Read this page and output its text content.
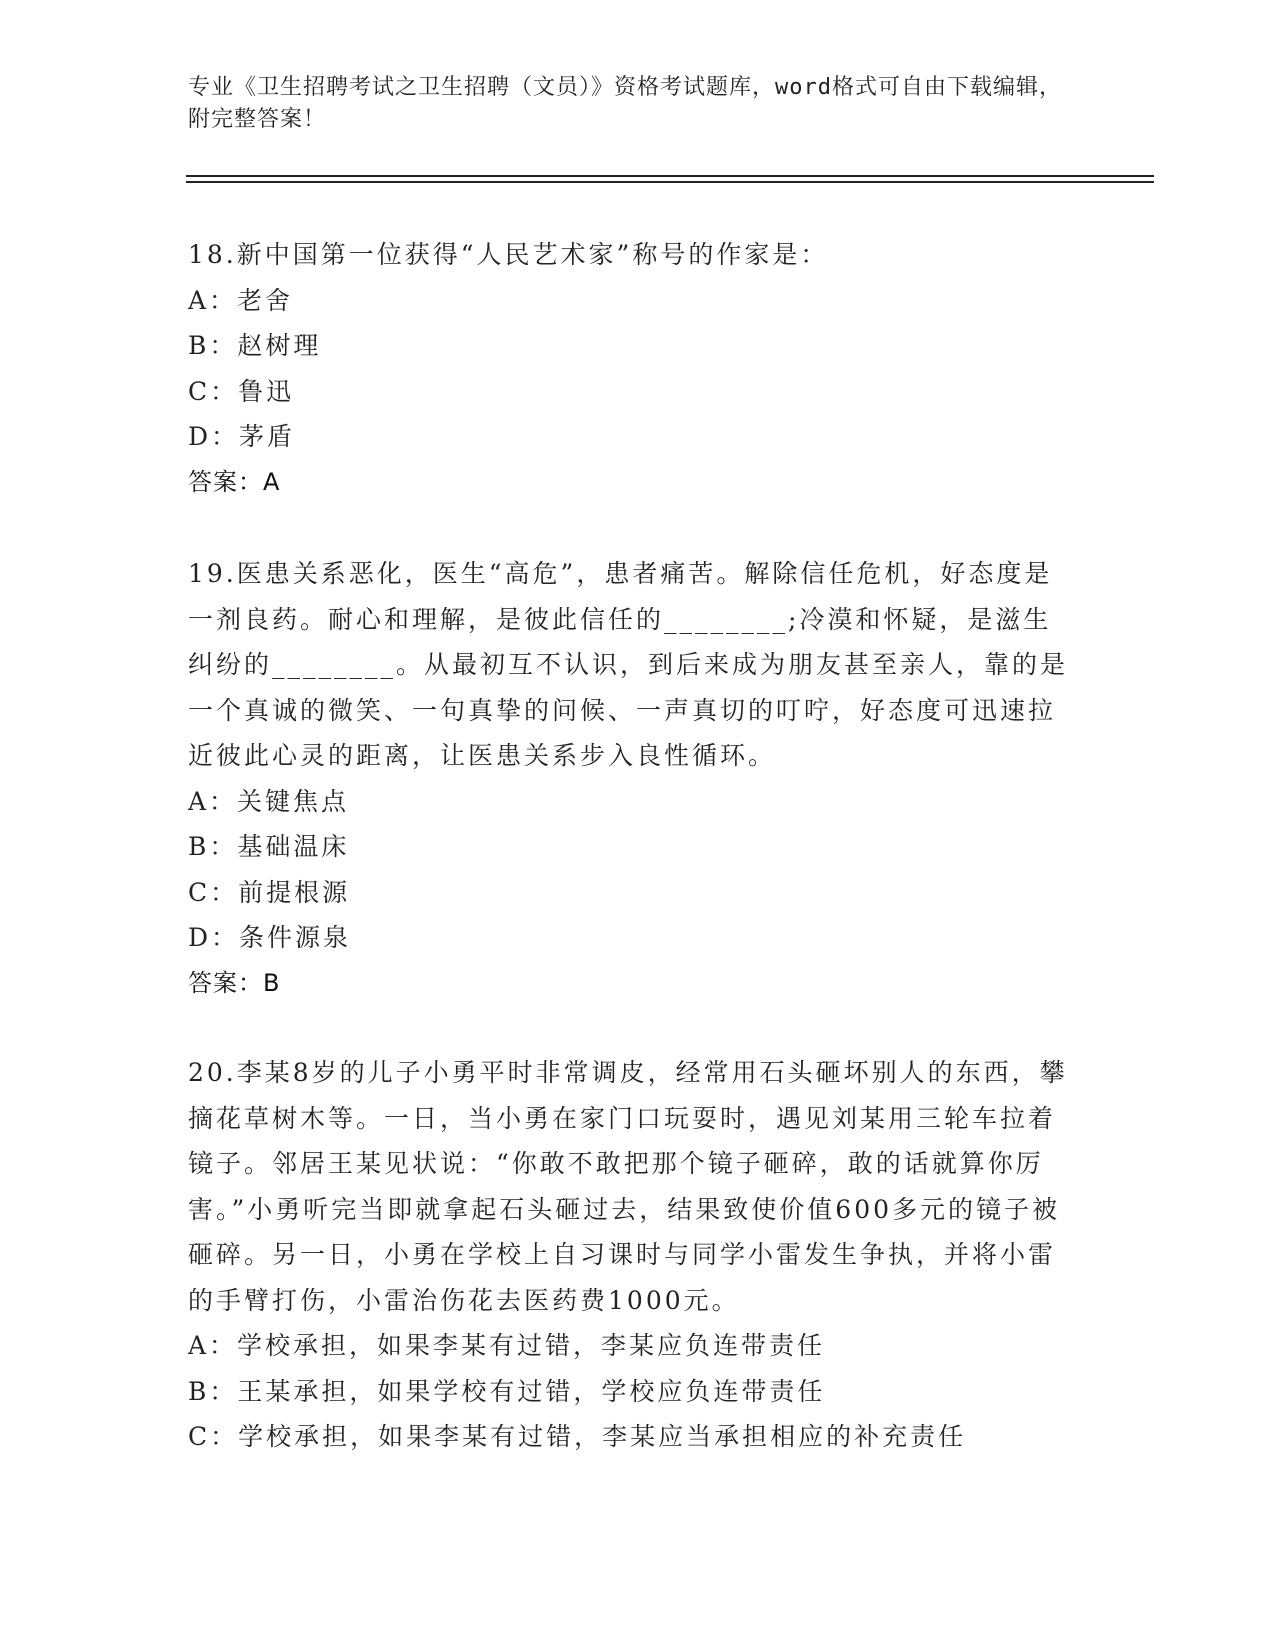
专业《卫生招聘考试之卫生招聘（文员）》资格考试题库，word格式可自由下载编辑，附完整答案！
18.新中国第一位获得“人民艺术家”称号的作家是：
A：老舍
B：赵树理
C：鲁迅
D：茅盾
答案：A
19.医患关系恶化，医生“高危”，患者痛苦。解除信任危机，好态度是一剂良药。耐心和理解，是彼此信任的________;冷漠和怀疑，是滋生纠纷的________。从最初互不认识，到后来成为朋友甚至亲人，靠的是一个真诚的微笑、一句真挚的问候、一声真切的叮咛，好态度可迅速拉近彼此心灵的距离，让医患关系步入良性循环。
A：关键焦点
B：基础温床
C：前提根源
D：条件源泉
答案：B
20.李某8岁的儿子小勇平时非常调皮，经常用石头砸坏别人的东西，攀摘花草树木等。一日，当小勇在家门口玩耍时，遇见刘某用三轮车拉着镜子。邻居王某见状说：“你敢不敢把那个镜子砸碎，敢的话就算你厉害。”小勇听完当即就拿起石头砸过去，结果致使价值600多元的镜子被砸碎。另一日，小勇在学校上自习课时与同学小雷发生争执，并将小雷的手臂打伤，小雷治伤花去医药费1000元。
A：学校承担，如果李某有过错，李某应负连带责任
B：王某承担，如果学校有过错，学校应负连带责任
C：学校承担，如果李某有过错，李某应当承担相应的补充责任
